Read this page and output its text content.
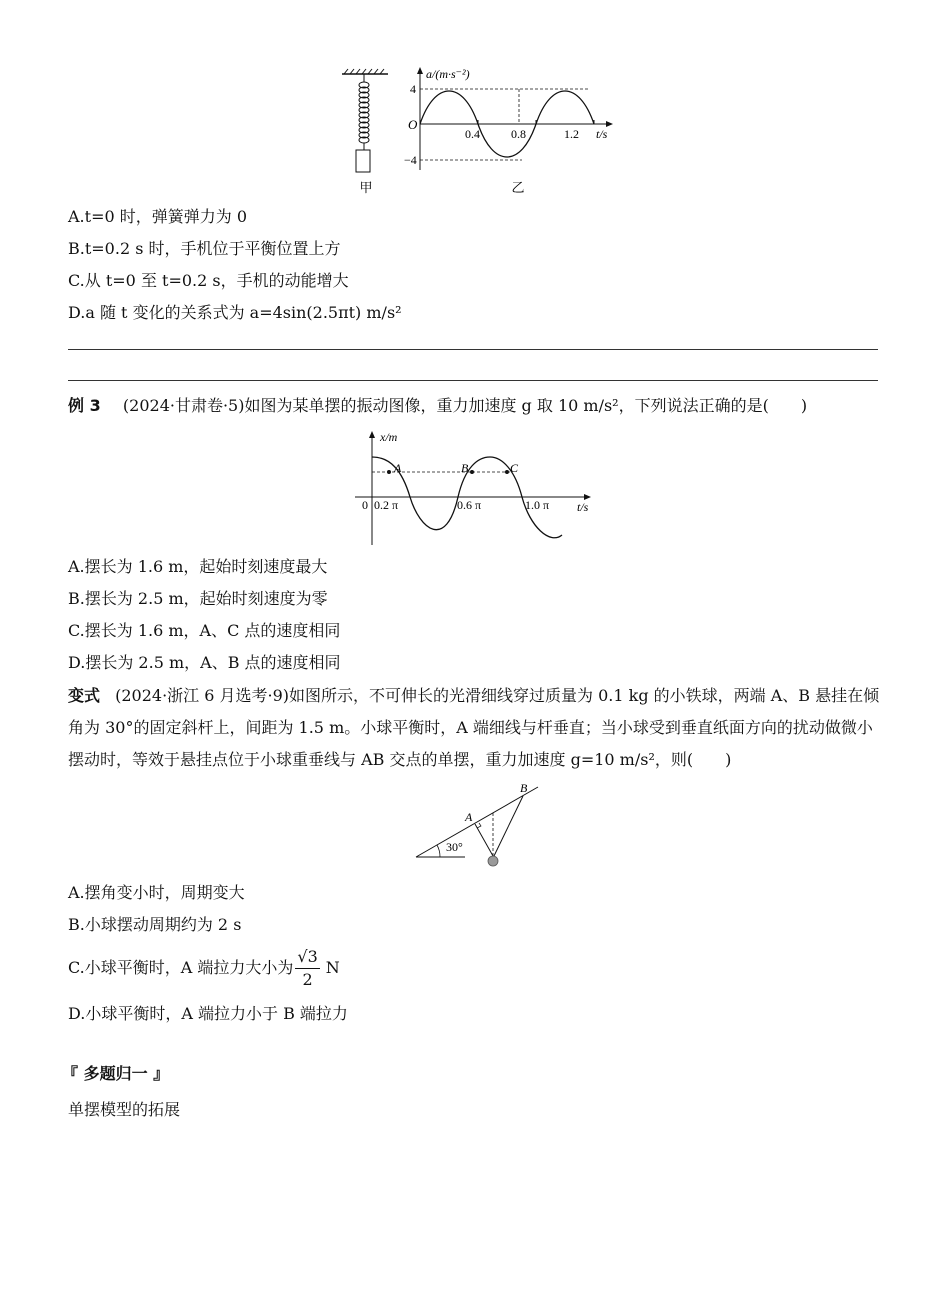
甲
a/(m·s⁻²)
O
4
−4
0.4	0.8	1.2 t/s
乙
A.t=0 时，弹簧弹力为 0
B.t=0.2 s 时，手机位于平衡位置上方
C.从 t=0 至 t=0.2 s，手机的动能增大
D.a 随 t 变化的关系式为 a=4sin(2.5πt) m/s²
例 3 (2024·甘肃卷·5)如图为某单摆的振动图像，重力加速度 g 取 10 m/s²，下列说法正确的是(　　)
A	B	C
x/m
0 0.2 π	0.6 π	1.0 π t/s
A.摆长为 1.6 m，起始时刻速度最大
B.摆长为 2.5 m，起始时刻速度为零
C.摆长为 1.6 m，A、C 点的速度相同
D.摆长为 2.5 m，A、B 点的速度相同
变式 (2024·浙江 6 月选考·9)如图所示，不可伸长的光滑细线穿过质量为 0.1 kg 的小铁球，两端 A、B 悬挂在倾角为 30°的固定斜杆上，间距为 1.5 m。小球平衡时，A 端细线与杆垂直；当小球受到垂直纸面方向的扰动做微小摆动时，等效于悬挂点位于小球重垂线与 AB 交点的单摆，重力加速度 g=10 m/s²，则(　　)
30°
A
B
A.摆角变小时，周期变大
B.小球摆动周期约为 2 s
C.小球平衡时，A 端拉力大小为 $\frac{√3}{2}$ N
D.小球平衡时，A 端拉力小于 B 端拉力
『 多题归一 』
单摆模型的拓展
